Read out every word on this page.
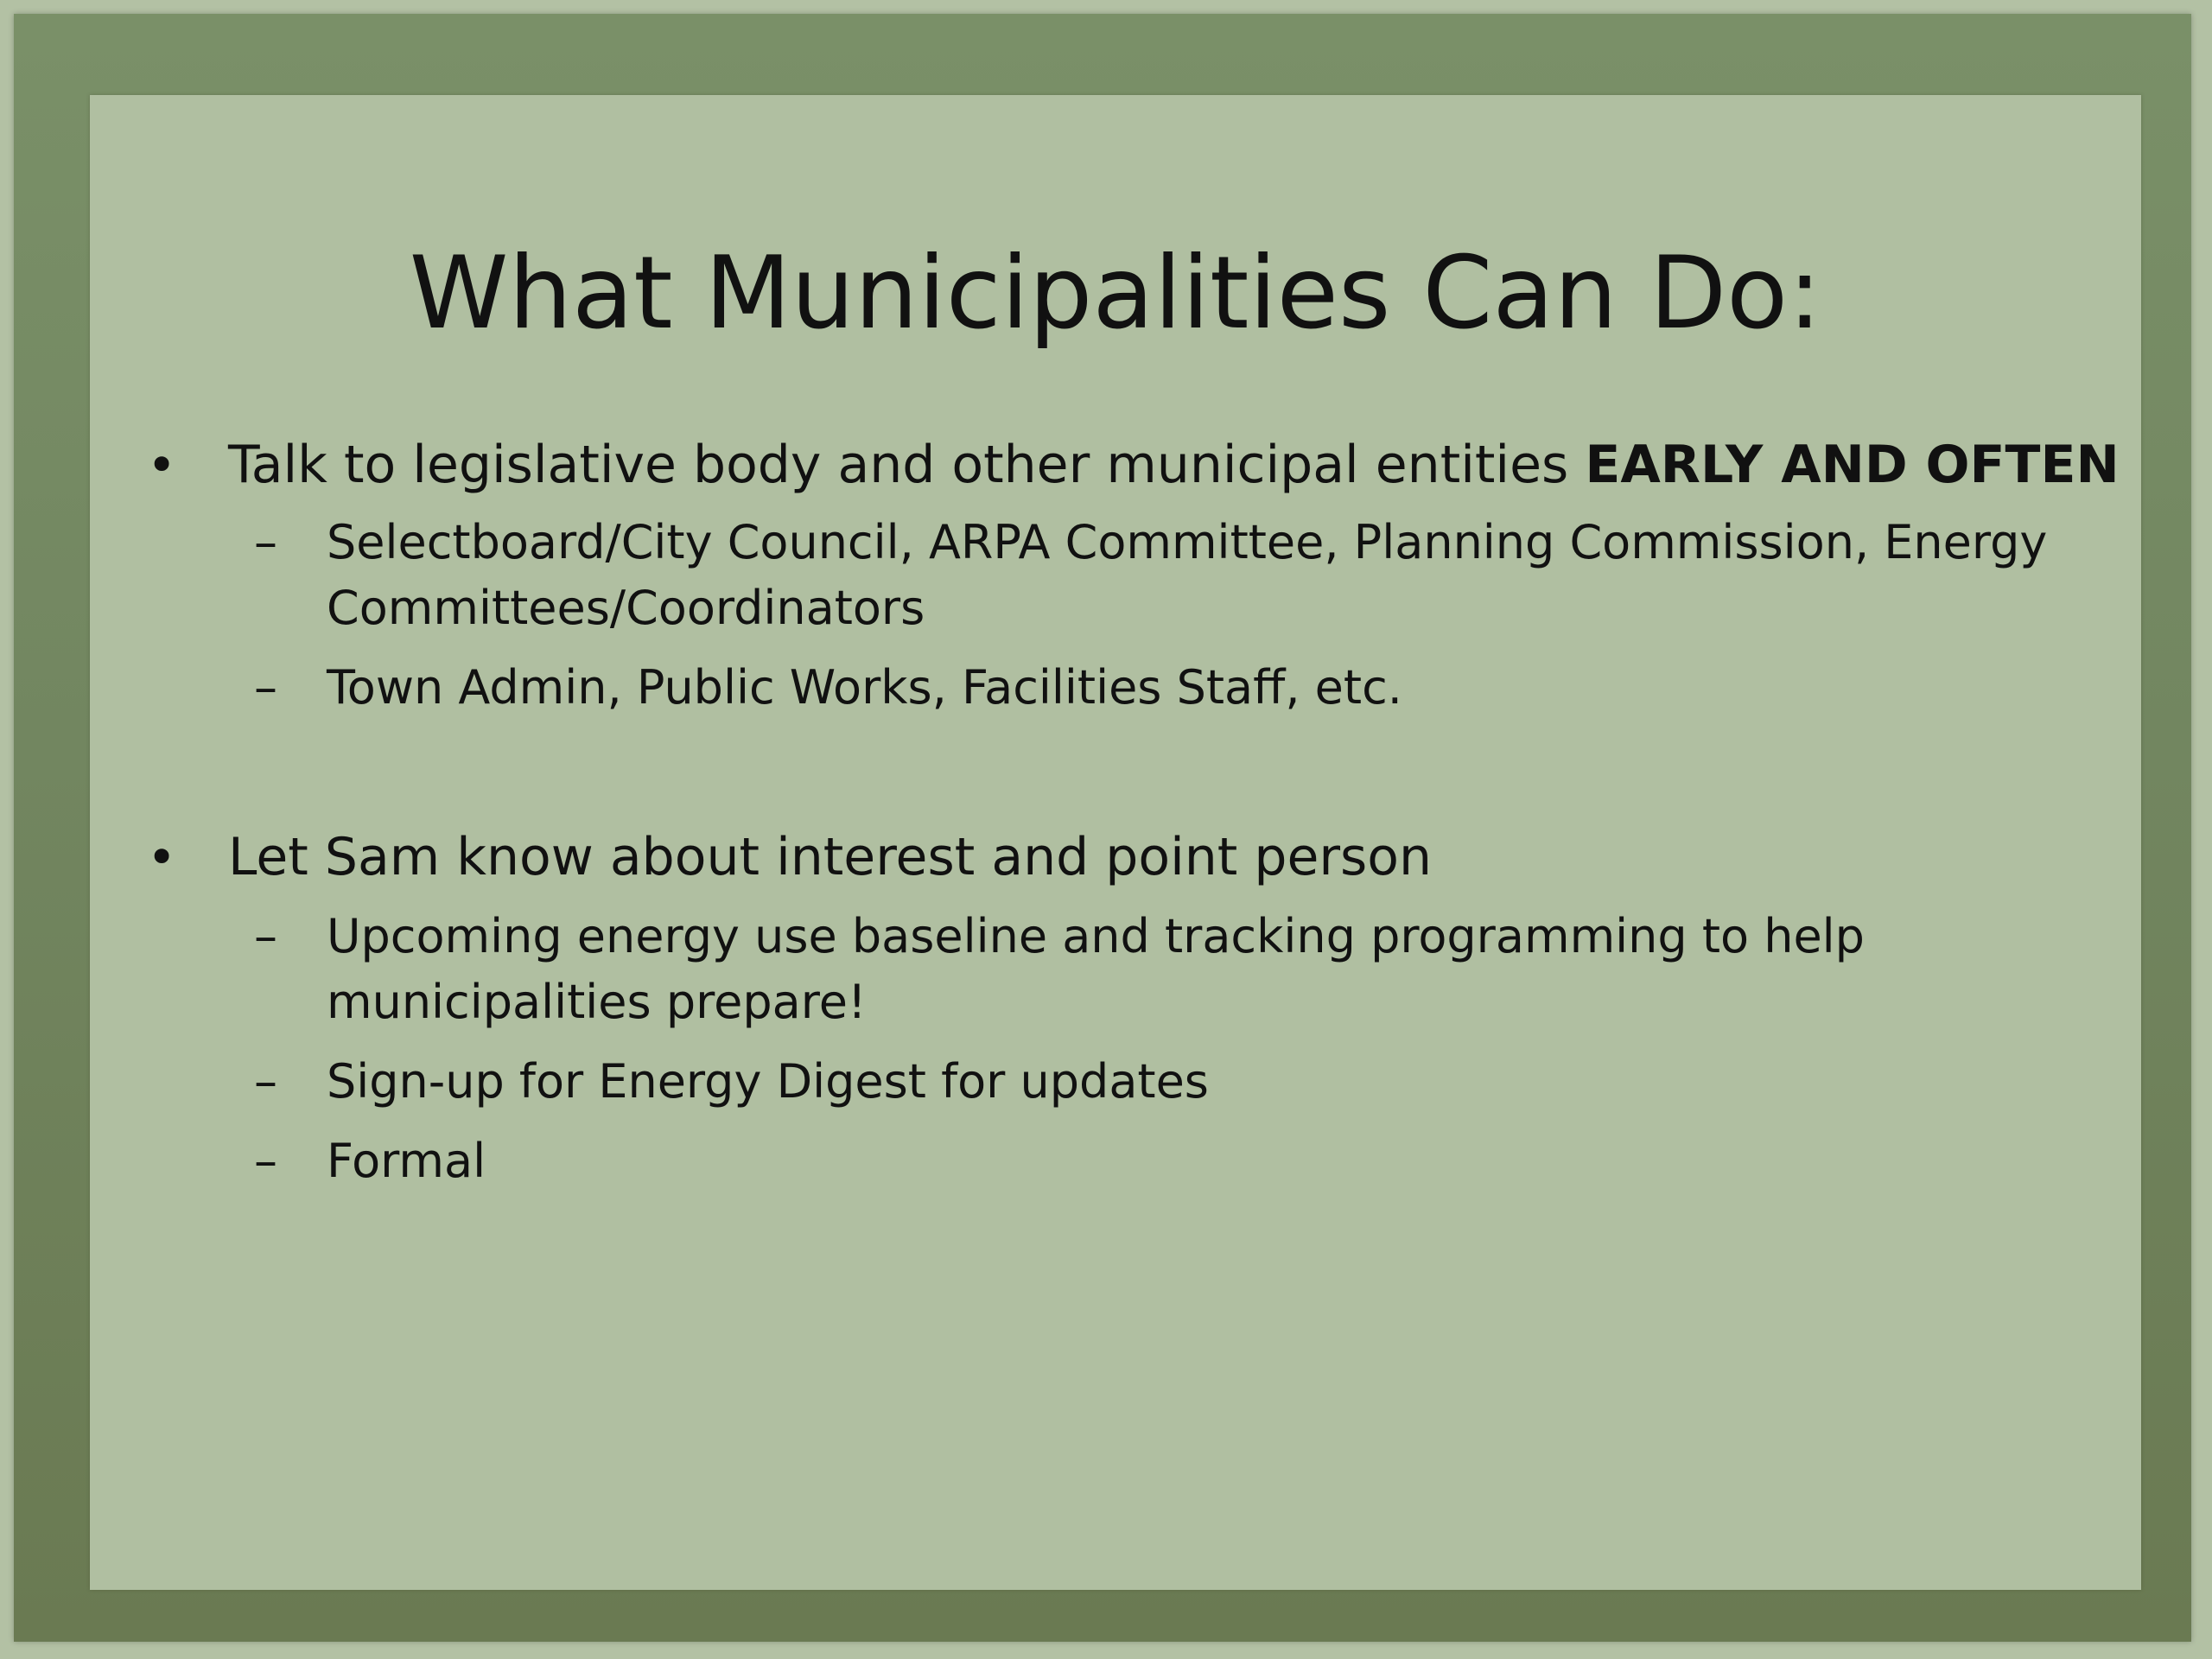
What Municipalities Can Do:
• Talk to legislative body and other municipal entities EARLY AND OFTEN
– Selectboard/City Council, ARPA Committee, Planning Commission, Energy Committees/Coordinators
– Town Admin, Public Works, Facilities Staff, etc.
• Let Sam know about interest and point person
– Upcoming energy use baseline and tracking programming to help municipalities prepare!
– Sign-up for Energy Digest for updates
– Formal
